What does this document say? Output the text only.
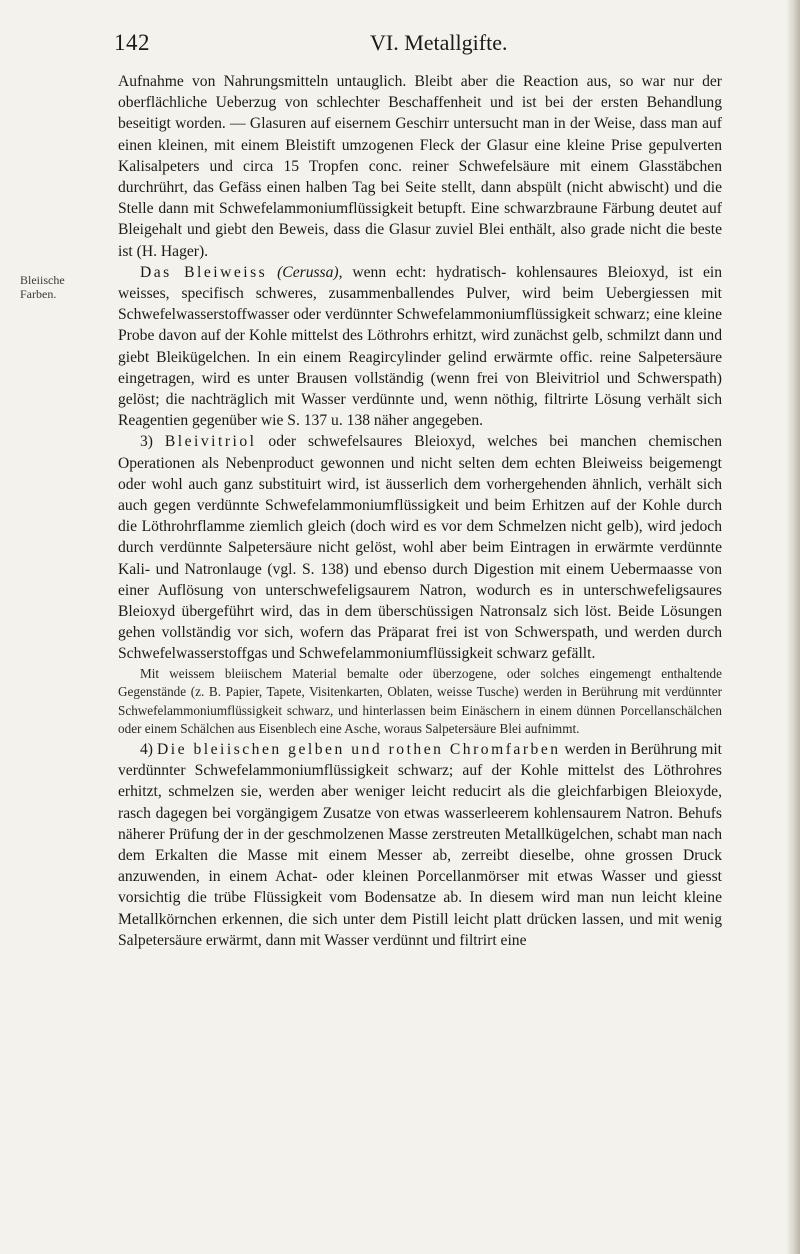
142	VI. Metallgifte.
Bleiische
Farben.

Aufnahme von Nahrungsmitteln untauglich. Bleibt aber die Reaction aus, so war nur der oberflächliche Ueberzug von schlechter Beschaffenheit und ist bei der ersten Behandlung beseitigt worden. — Glasuren auf eisernem Geschirr untersucht man in der Weise, dass man auf einen kleinen, mit einem Bleistift umzogenen Fleck der Glasur eine kleine Prise gepulverten Kalisalpeters und circa 15 Tropfen conc. reiner Schwefelsäure mit einem Glasstäbchen durchrührt, das Gefäss einen halben Tag bei Seite stellt, dann abspült (nicht abwischt) und die Stelle dann mit Schwefelammoniumflüssigkeit betupft. Eine schwarzbraune Färbung deutet auf Bleigehalt und giebt den Beweis, dass die Glasur zuviel Blei enthält, also grade nicht die beste ist (H. Hager).

Das Bleiweiss (Cerussa), wenn echt: hydratisch- kohlensaures Bleioxyd, ist ein weisses, specifisch schweres, zusammenballendes Pulver, wird beim Uebergiessen mit Schwefelwasserstoffwasser oder verdünnter Schwefelammoniumflüssigkeit schwarz; eine kleine Probe davon auf der Kohle mittelst des Löthrohrs erhitzt, wird zunächst gelb, schmilzt dann und giebt Bleikügelchen. In ein einem Reagircylinder gelind erwärmte offic. reine Salpetersäure eingetragen, wird es unter Brausen vollständig (wenn frei von Bleivitriol und Schwerspath) gelöst; die nachträglich mit Wasser verdünnte und, wenn nöthig, filtrirte Lösung verhält sich Reagentien gegenüber wie S. 137 u. 138 näher angegeben.

3) Bleivitriol oder schwefelsaures Bleioxyd, welches bei manchen chemischen Operationen als Nebenproduct gewonnen und nicht selten dem echten Bleiweiss beigemengt oder wohl auch ganz substituirt wird, ist äusserlich dem vorhergehenden ähnlich, verhält sich auch gegen verdünnte Schwefelammoniumflüssigkeit und beim Erhitzen auf der Kohle durch die Löthrohrflamme ziemlich gleich (doch wird es vor dem Schmelzen nicht gelb), wird jedoch durch verdünnte Salpetersäure nicht gelöst, wohl aber beim Eintragen in erwärmte verdünnte Kali- und Natronlauge (vgl. S. 138) und ebenso durch Digestion mit einem Uebermaasse von einer Auflösung von unterschwefeligsaurem Natron, wodurch es in unterschwefeligsaures Bleioxyd übergeführt wird, das in dem überschüssigen Natronsalz sich löst. Beide Lösungen gehen vollständig vor sich, wofern das Präparat frei ist von Schwerspath, und werden durch Schwefelwasserstoffgas und Schwefelammoniumflüssigkeit schwarz gefällt.

Mit weissem bleiischem Material bemalte oder überzogene, oder solches eingemengt enthaltende Gegenstände (z. B. Papier, Tapete, Visitenkarten, Oblaten, weisse Tusche) werden in Berührung mit verdünnter Schwefelammoniumflüssigkeit schwarz, und hinterlassen beim Einäschern in einem dünnen Porcellanschälchen oder einem Schälchen aus Eisenblech eine Asche, woraus Salpetersäure Blei aufnimmt.

4) Die bleiischen gelben und rothen Chromfarben werden in Berührung mit verdünnter Schwefelammoniumflüssigkeit schwarz; auf der Kohle mittelst des Löthrohres erhitzt, schmelzen sie, werden aber weniger leicht reducirt als die gleichfarbigen Bleioxyde, rasch dagegen bei vorgängigem Zusatze von etwas wasserleerem kohlensaurem Natron. Behufs näherer Prüfung der in der geschmolzenen Masse zerstreuten Metallkügelchen, schabt man nach dem Erkalten die Masse mit einem Messer ab, zerreibt dieselbe, ohne grossen Druck anzuwenden, in einem Achat- oder kleinen Porcellanmörser mit etwas Wasser und giesst vorsichtig die trübe Flüssigkeit vom Bodensatze ab. In diesem wird man nun leicht kleine Metallkörnchen erkennen, die sich unter dem Pistill leicht platt drücken lassen, und mit wenig Salpetersäure erwärmt, dann mit Wasser verdünnt und filtrirt eine
